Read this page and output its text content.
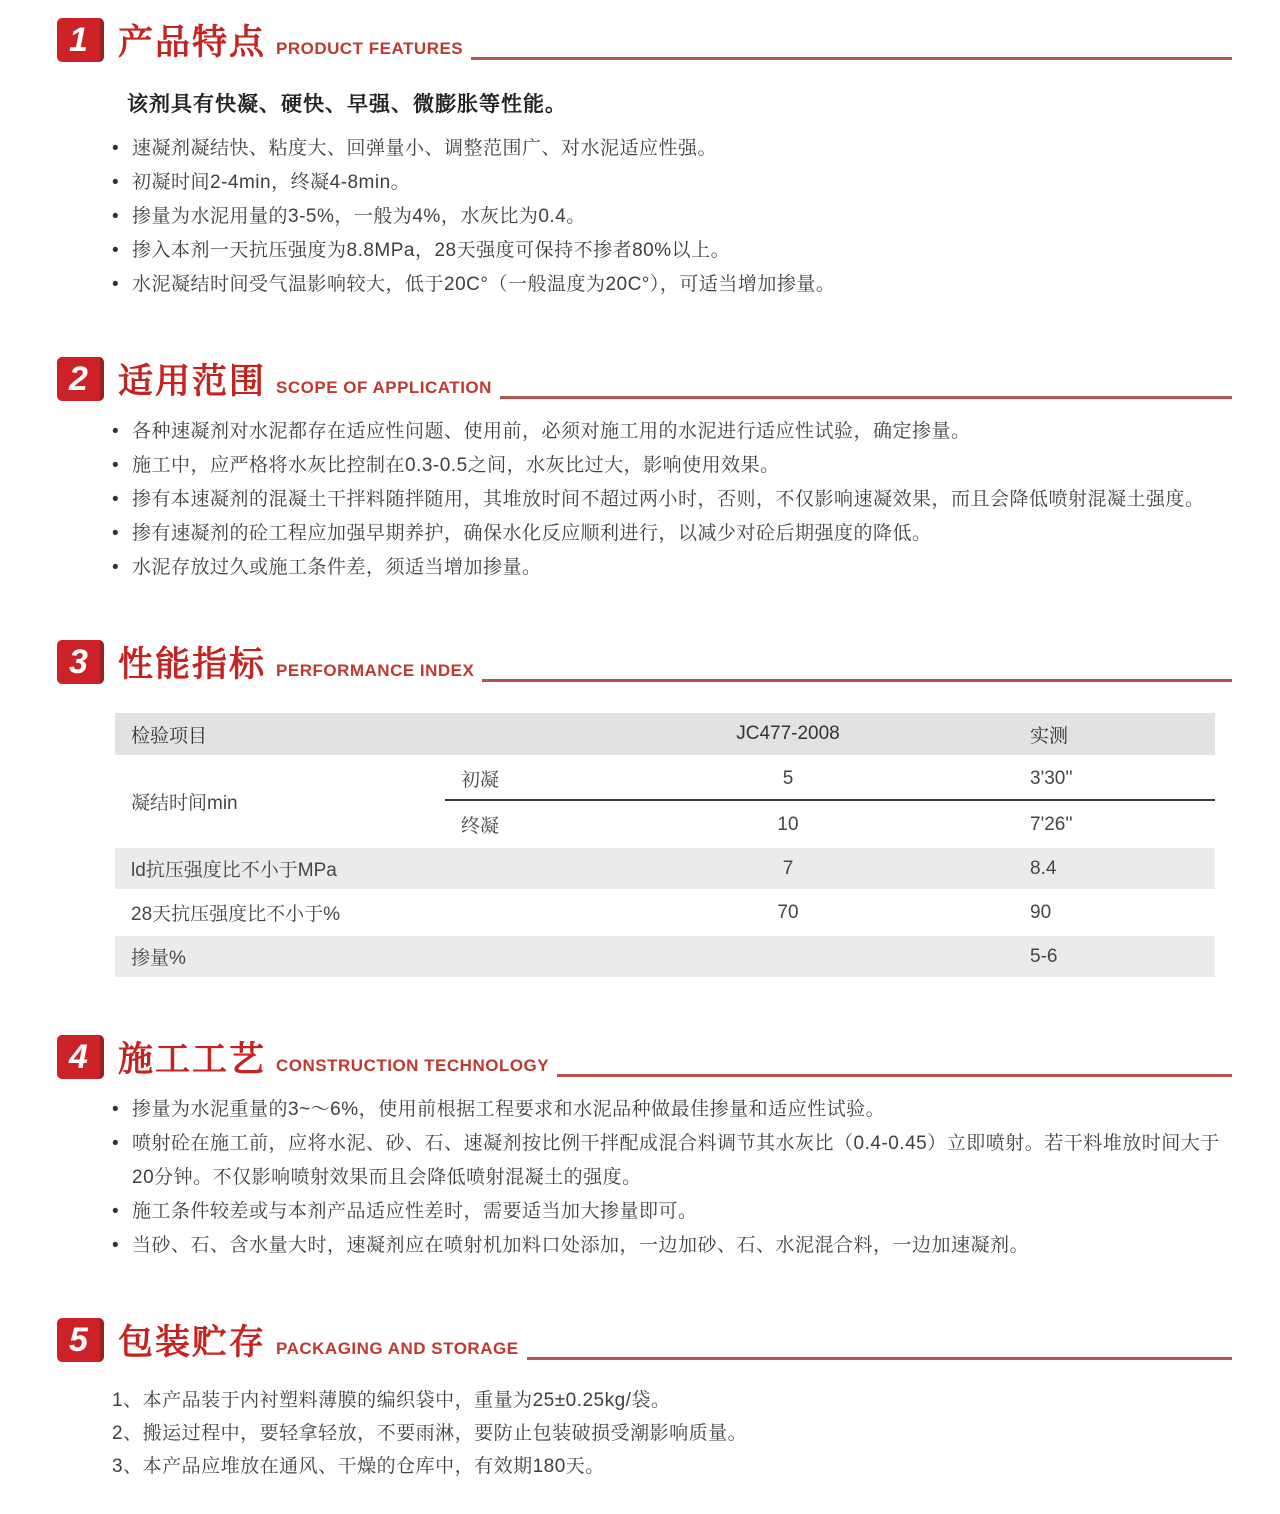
1 产品特点 PRODUCT FEATURES

该剂具有快凝、硬快、早强、微膨胀等性能。

• 速凝剂凝结快、粘度大、回弹量小、调整范围广、对水泥适应性强。
• 初凝时间2-4min，终凝4-8min。
• 掺量为水泥用量的3-5%，一般为4%，水灰比为0.4。
• 掺入本剂一天抗压强度为8.8MPa，28天强度可保持不掺者80%以上。
• 水泥凝结时间受气温影响较大，低于20C°（一般温度为20C°），可适当增加掺量。
2 适用范围 SCOPE OF APPLICATION
• 各种速凝剂对水泥都存在适应性问题、使用前，必须对施工用的水泥进行适应性试验，确定掺量。
• 施工中，应严格将水灰比控制在0.3-0.5之间，水灰比过大，影响使用效果。
• 掺有本速凝剂的混凝土干拌料随拌随用，其堆放时间不超过两小时，否则，不仅影响速凝效果，而且会降低喷射混凝土强度。
• 掺有速凝剂的砼工程应加强早期养护，确保水化反应顺利进行，以减少对砼后期强度的降低。
• 水泥存放过久或施工条件差，须适当增加掺量。
3 性能指标 PERFORMANCE INDEX
检验项目		JC477-2008	实测
凝结时间min	初凝	5	3'30''
	终凝	10	7'26''
ld抗压强度比不小于MPa		7	8.4
28天抗压强度比不小于%		70	90
掺量%			5-6
4 施工工艺 CONSTRUCTION TECHNOLOGY
• 掺量为水泥重量的3~～6%，使用前根据工程要求和水泥品种做最佳掺量和适应性试验。
• 喷射砼在施工前，应将水泥、砂、石、速凝剂按比例干拌配成混合料调节其水灰比（0.4-0.45）立即喷射。若干料堆放时间大于20分钟。不仅影响喷射效果而且会降低喷射混凝土的强度。
• 施工条件较差或与本剂产品适应性差时，需要适当加大掺量即可。
• 当砂、石、含水量大时，速凝剂应在喷射机加料口处添加，一边加砂、石、水泥混合料，一边加速凝剂。
5 包装贮存 PACKAGING AND STORAGE
1、本产品装于内衬塑料薄膜的编织袋中，重量为25±0.25kg/袋。
2、搬运过程中，要轻拿轻放，不要雨淋，要防止包装破损受潮影响质量。
3、本产品应堆放在通风、干燥的仓库中，有效期180天。
